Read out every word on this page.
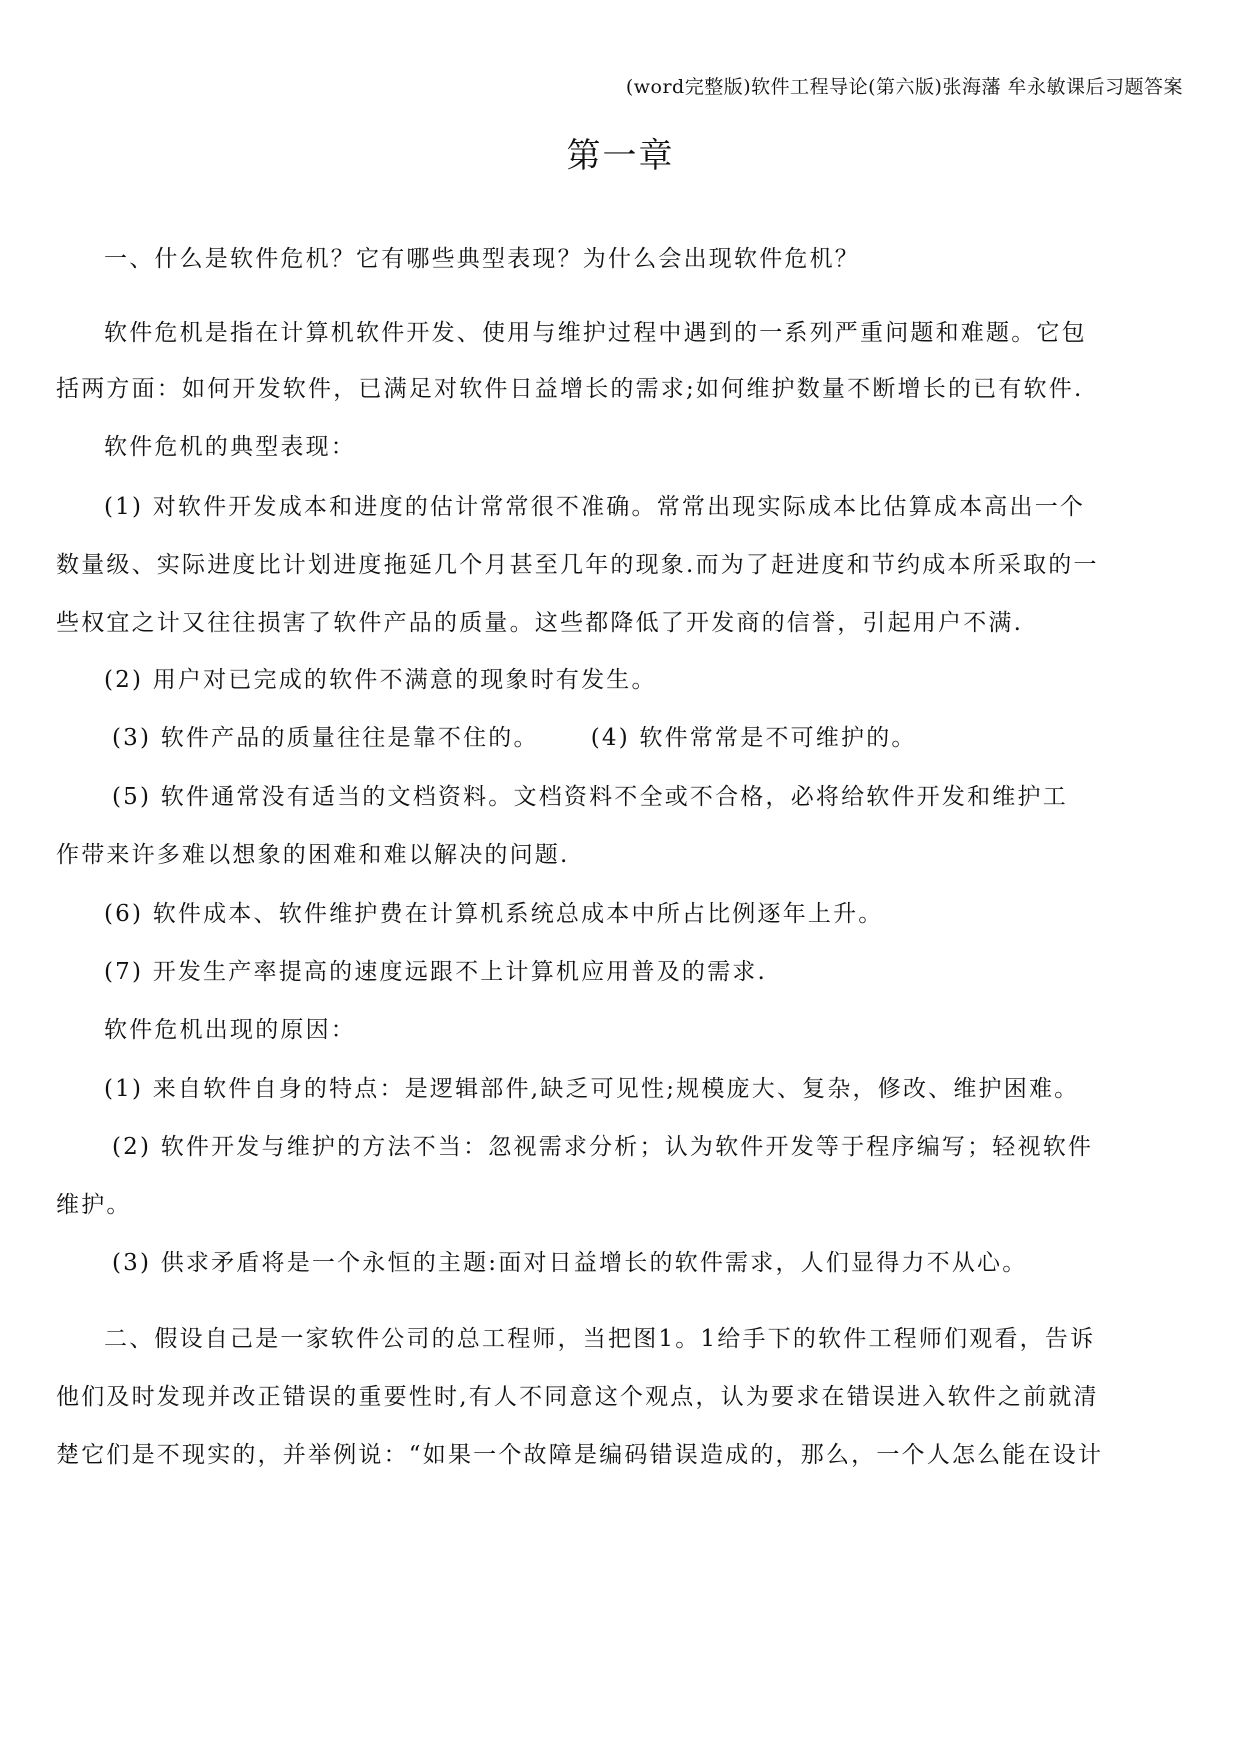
(word完整版)软件工程导论(第六版)张海藩 牟永敏课后习题答案
第一章
一、什么是软件危机？它有哪些典型表现？为什么会出现软件危机？
软件危机是指在计算机软件开发、使用与维护过程中遇到的一系列严重问题和难题。它包
括两方面：如何开发软件，已满足对软件日益增长的需求;如何维护数量不断增长的已有软件.
软件危机的典型表现：
(1) 对软件开发成本和进度的估计常常很不准确。常常出现实际成本比估算成本高出一个
数量级、实际进度比计划进度拖延几个月甚至几年的现象.而为了赶进度和节约成本所采取的一
些权宜之计又往往损害了软件产品的质量。这些都降低了开发商的信誉，引起用户不满.
(2) 用户对已完成的软件不满意的现象时有发生。
(3) 软件产品的质量往往是靠不住的。 (4) 软件常常是不可维护的。
(5) 软件通常没有适当的文档资料。文档资料不全或不合格，必将给软件开发和维护工
作带来许多难以想象的困难和难以解决的问题.
(6) 软件成本、软件维护费在计算机系统总成本中所占比例逐年上升。
(7) 开发生产率提高的速度远跟不上计算机应用普及的需求.
软件危机出现的原因：
(1) 来自软件自身的特点：是逻辑部件,缺乏可见性;规模庞大、复杂，修改、维护困难。
(2) 软件开发与维护的方法不当：忽视需求分析；认为软件开发等于程序编写；轻视软件
维护。
(3) 供求矛盾将是一个永恒的主题:面对日益增长的软件需求，人们显得力不从心。
二、假设自己是一家软件公司的总工程师，当把图1。1给手下的软件工程师们观看，告诉
他们及时发现并改正错误的重要性时,有人不同意这个观点，认为要求在错误进入软件之前就清
楚它们是不现实的，并举例说：“如果一个故障是编码错误造成的，那么，一个人怎么能在设计
